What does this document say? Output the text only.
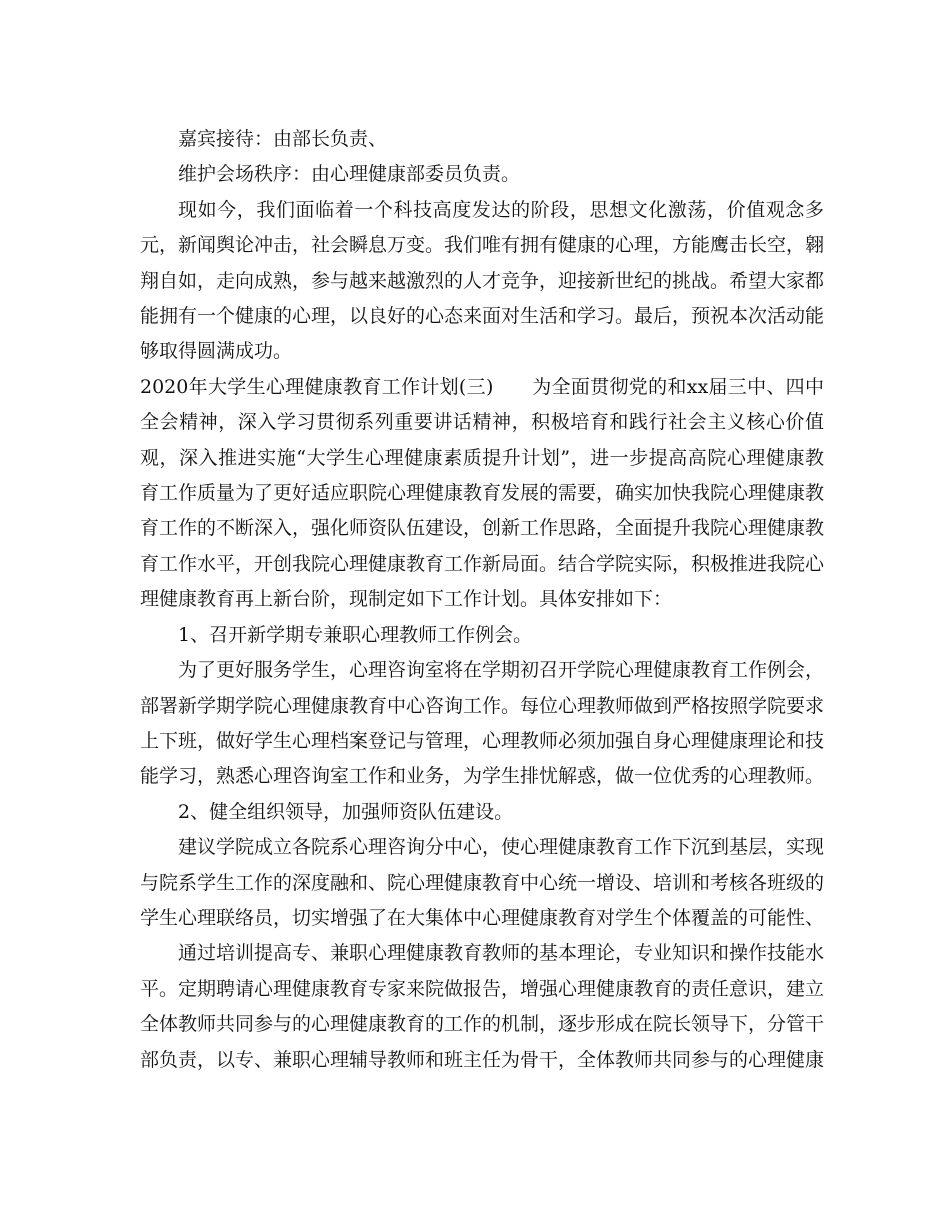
嘉宾接待：由部长负责、

维护会场秩序：由心理健康部委员负责。

现如今，我们面临着一个科技高度发达的阶段，思想文化激荡，价值观念多元，新闻舆论冲击，社会瞬息万变。我们唯有拥有健康的心理，方能鹰击长空，翱翔自如，走向成熟，参与越来越激烈的人才竞争，迎接新世纪的挑战。希望大家都能拥有一个健康的心理，以良好的心态来面对生活和学习。最后，预祝本次活动能够取得圆满成功。

2020年大学生心理健康教育工作计划(三)　　为全面贯彻党的和xx届三中、四中全会精神，深入学习贯彻系列重要讲话精神，积极培育和践行社会主义核心价值观，深入推进实施“大学生心理健康素质提升计划”，进一步提高高院心理健康教育工作质量为了更好适应职院心理健康教育发展的需要，确实加快我院心理健康教育工作的不断深入，强化师资队伍建设，创新工作思路，全面提升我院心理健康教育工作水平，开创我院心理健康教育工作新局面。结合学院实际，积极推进我院心理健康教育再上新台阶，现制定如下工作计划。具体安排如下：

1、召开新学期专兼职心理教师工作例会。

为了更好服务学生，心理咨询室将在学期初召开学院心理健康教育工作例会，部署新学期学院心理健康教育中心咨询工作。每位心理教师做到严格按照学院要求上下班，做好学生心理档案登记与管理，心理教师必须加强自身心理健康理论和技能学习，熟悉心理咨询室工作和业务，为学生排忧解惑，做一位优秀的心理教师。

2、健全组织领导，加强师资队伍建设。

建议学院成立各院系心理咨询分中心，使心理健康教育工作下沉到基层，实现与院系学生工作的深度融和、院心理健康教育中心统一增设、培训和考核各班级的学生心理联络员，切实增强了在大集体中心理健康教育对学生个体覆盖的可能性、

通过培训提高专、兼职心理健康教育教师的基本理论，专业知识和操作技能水平。定期聘请心理健康教育专家来院做报告，增强心理健康教育的责任意识，建立全体教师共同参与的心理健康教育的工作的机制，逐步形成在院长领导下，分管干部负责，以专、兼职心理辅导教师和班主任为骨干，全体教师共同参与的心理健康
